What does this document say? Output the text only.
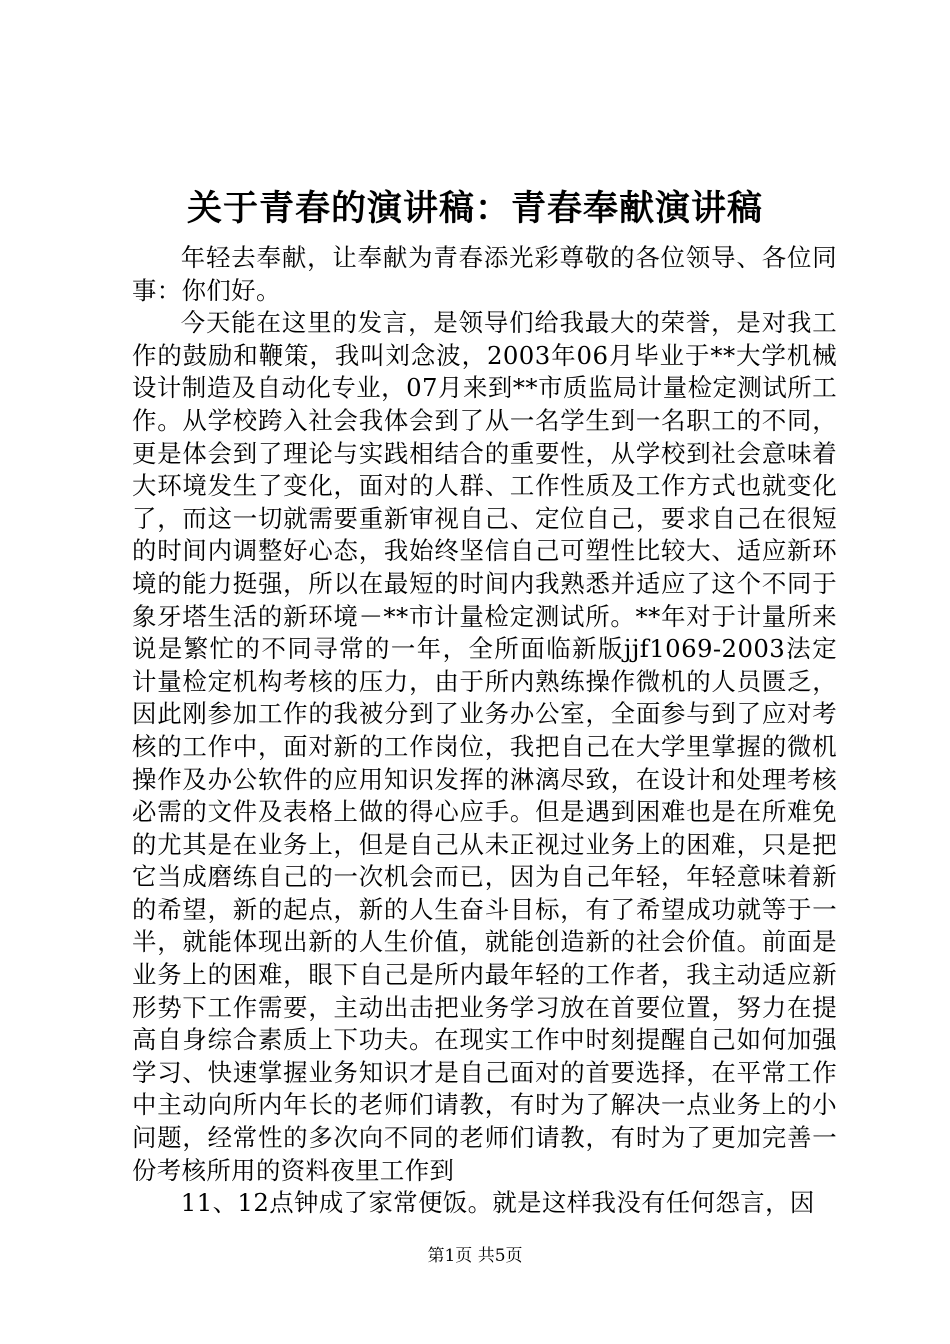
关于青春的演讲稿：青春奉献演讲稿

年轻去奉献，让奉献为青春添光彩尊敬的各位领导、各位同事：你们好。

今天能在这里的发言，是领导们给我最大的荣誉，是对我工作的鼓励和鞭策，我叫刘念波，2003年06月毕业于**大学机械设计制造及自动化专业，07月来到**市质监局计量检定测试所工作。从学校跨入社会我体会到了从一名学生到一名职工的不同，更是体会到了理论与实践相结合的重要性，从学校到社会意味着大环境发生了变化，面对的人群、工作性质及工作方式也就变化了，而这一切就需要重新审视自己、定位自己，要求自己在很短的时间内调整好心态，我始终坚信自己可塑性比较大、适应新环境的能力挺强，所以在最短的时间内我熟悉并适应了这个不同于象牙塔生活的新环境－**市计量检定测试所。**年对于计量所来说是繁忙的不同寻常的一年，全所面临新版jjf1069-2003法定计量检定机构考核的压力，由于所内熟练操作微机的人员匮乏，因此刚参加工作的我被分到了业务办公室，全面参与到了应对考核的工作中，面对新的工作岗位，我把自己在大学里掌握的微机操作及办公软件的应用知识发挥的淋漓尽致，在设计和处理考核必需的文件及表格上做的得心应手。但是遇到困难也是在所难免的尤其是在业务上，但是自己从未正视过业务上的困难，只是把它当成磨练自己的一次机会而已，因为自己年轻，年轻意味着新的希望，新的起点，新的人生奋斗目标，有了希望成功就等于一半，就能体现出新的人生价值，就能创造新的社会价值。前面是业务上的困难，眼下自己是所内最年轻的工作者，我主动适应新形势下工作需要，主动出击把业务学习放在首要位置，努力在提高自身综合素质上下功夫。在现实工作中时刻提醒自己如何加强学习、快速掌握业务知识才是自己面对的首要选择，在平常工作中主动向所内年长的老师们请教，有时为了解决一点业务上的小问题，经常性的多次向不同的老师们请教，有时为了更加完善一份考核所用的资料夜里工作到

11、12点钟成了家常便饭。就是这样我没有任何怨言，因

第1页 共5页
